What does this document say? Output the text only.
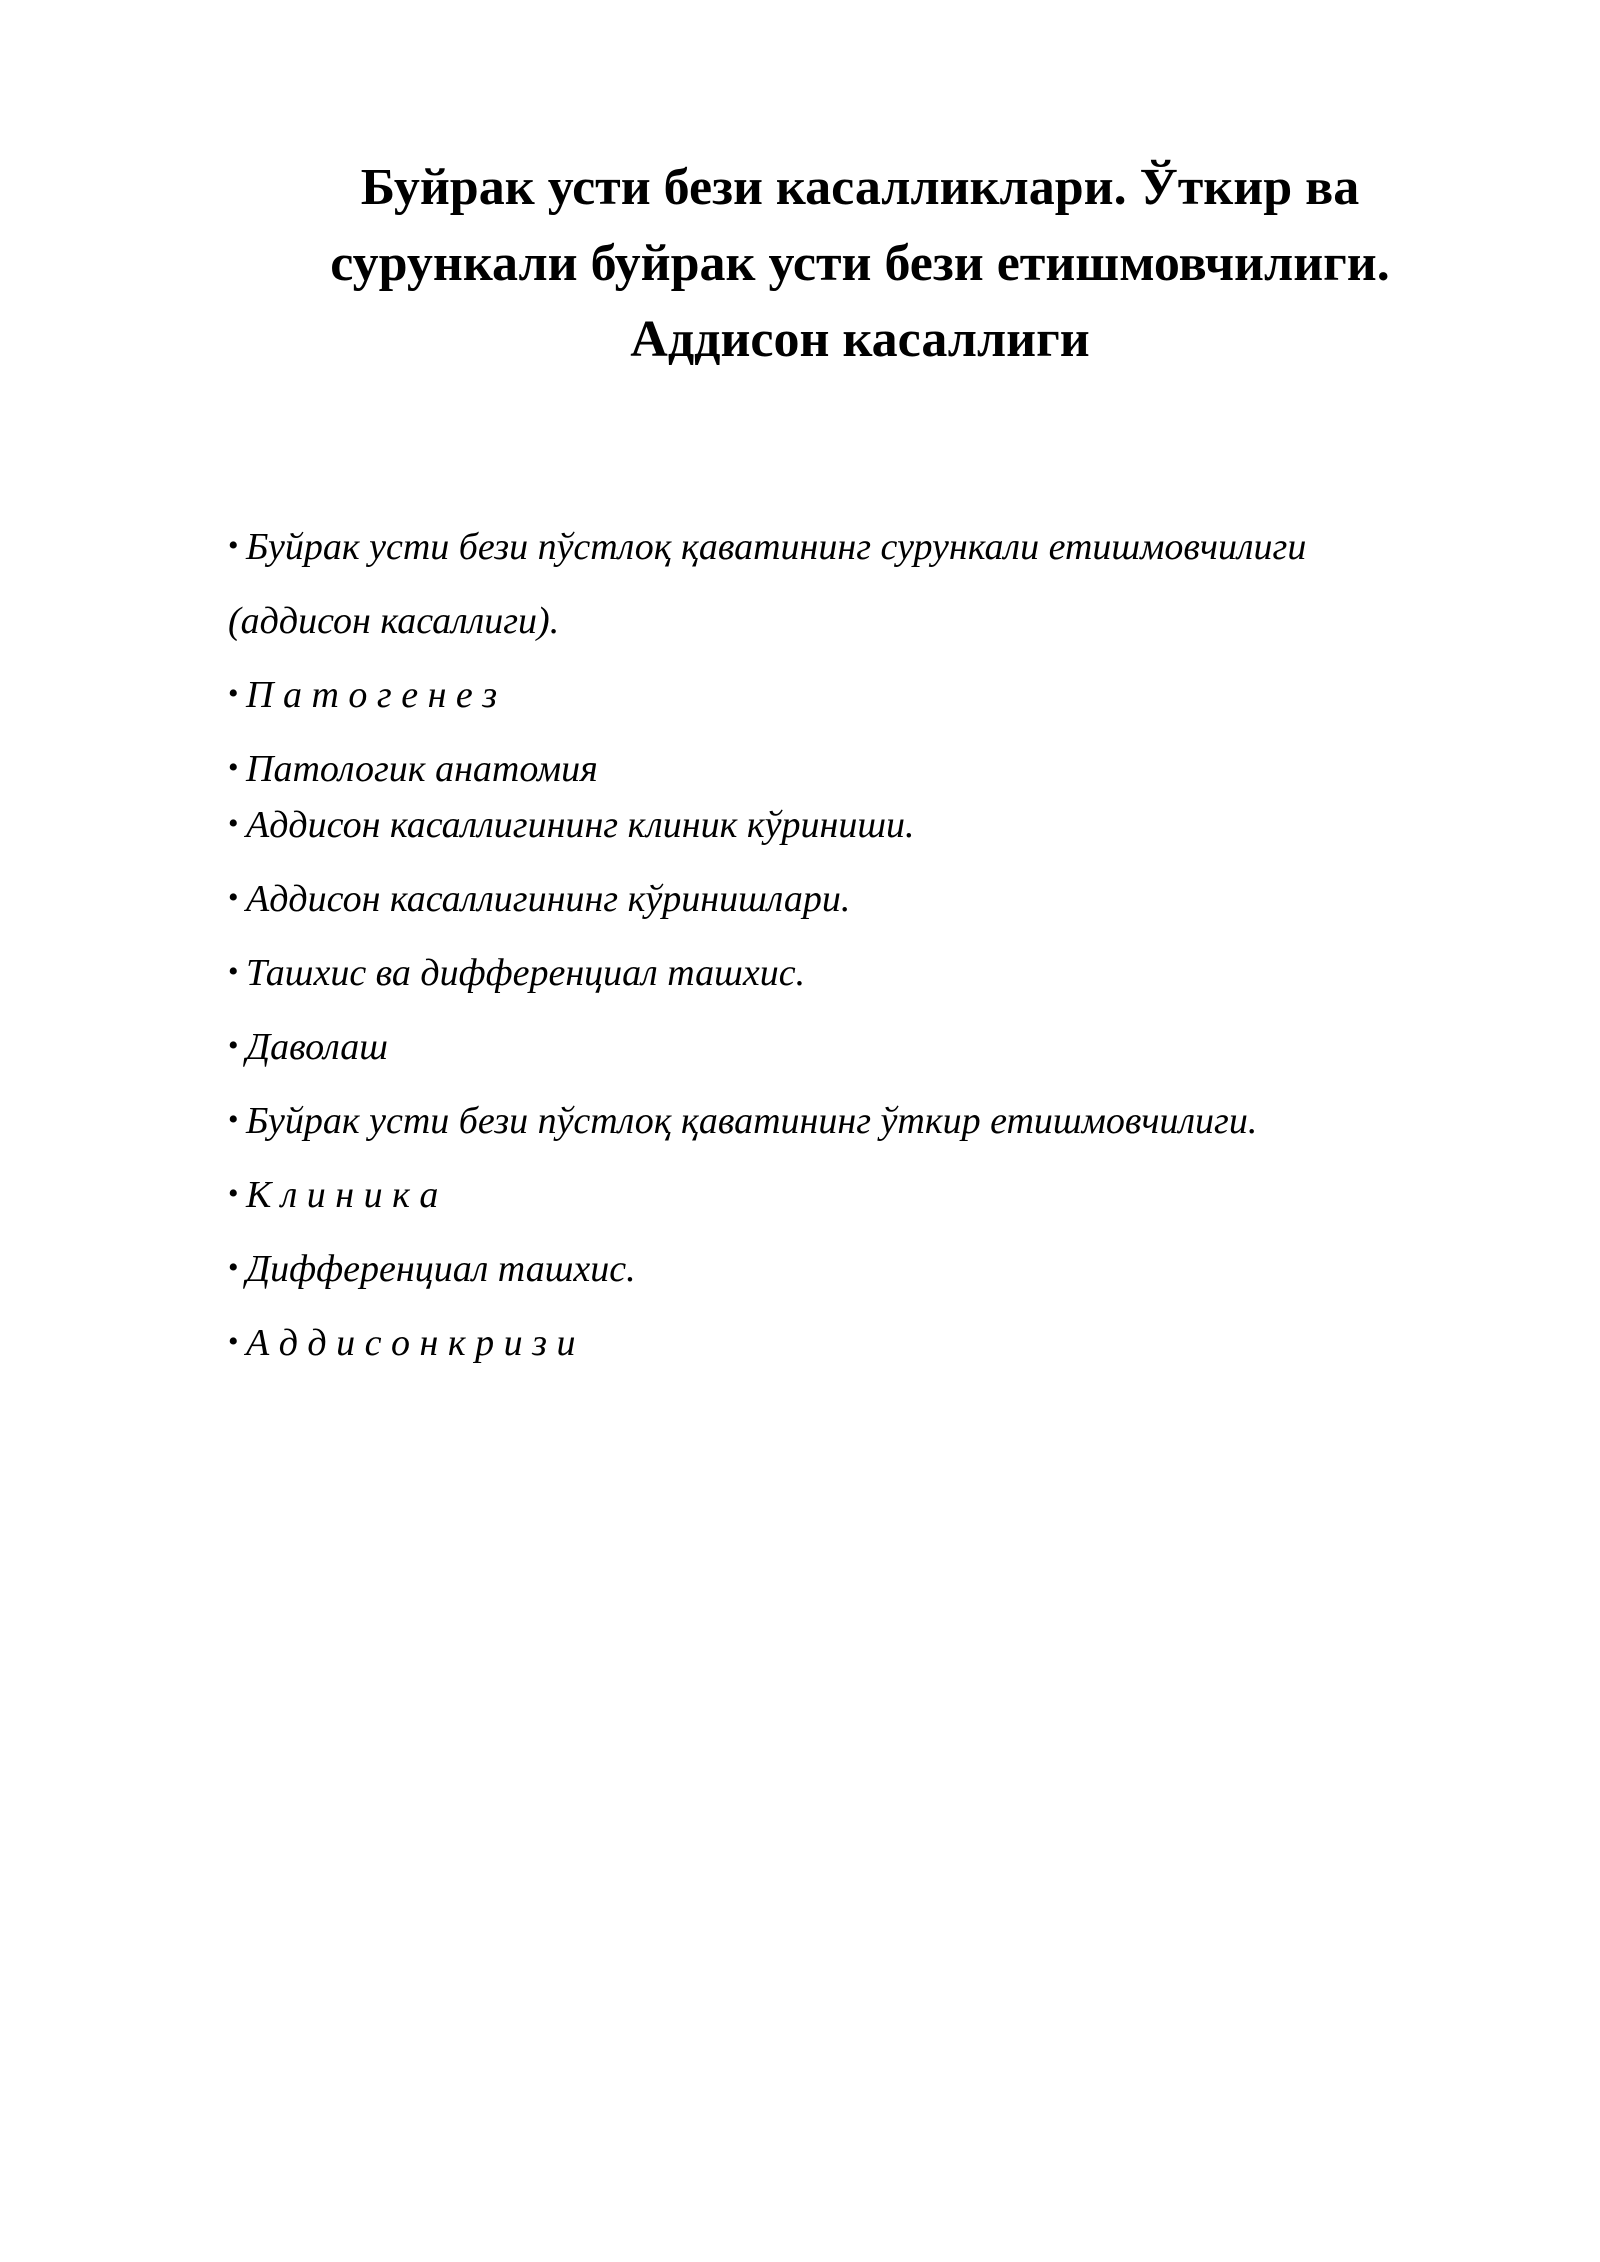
Буйрак усти бези касалликлари. Ўткир ва
сурункали буйрак усти бези етишмовчилиги.
Аддисон касаллиги
• Буйрак усти бези пўстлоқ қаватининг сурункали етишмовчилиги
(аддисон касаллиги).
• П а т о г е н е з
• Патологик анатомия
• Аддисон касаллигининг клиник кўриниши.
• Аддисон касаллигининг кўринишлари.
• Ташхис ва дифференциал ташхис.
• Даволаш
• Буйрак усти бези пўстлоқ қаватининг ўткир етишмовчилиги.
• К л и н и к а
• Дифференциал ташхис.
• А д д и с о н к р и з и
